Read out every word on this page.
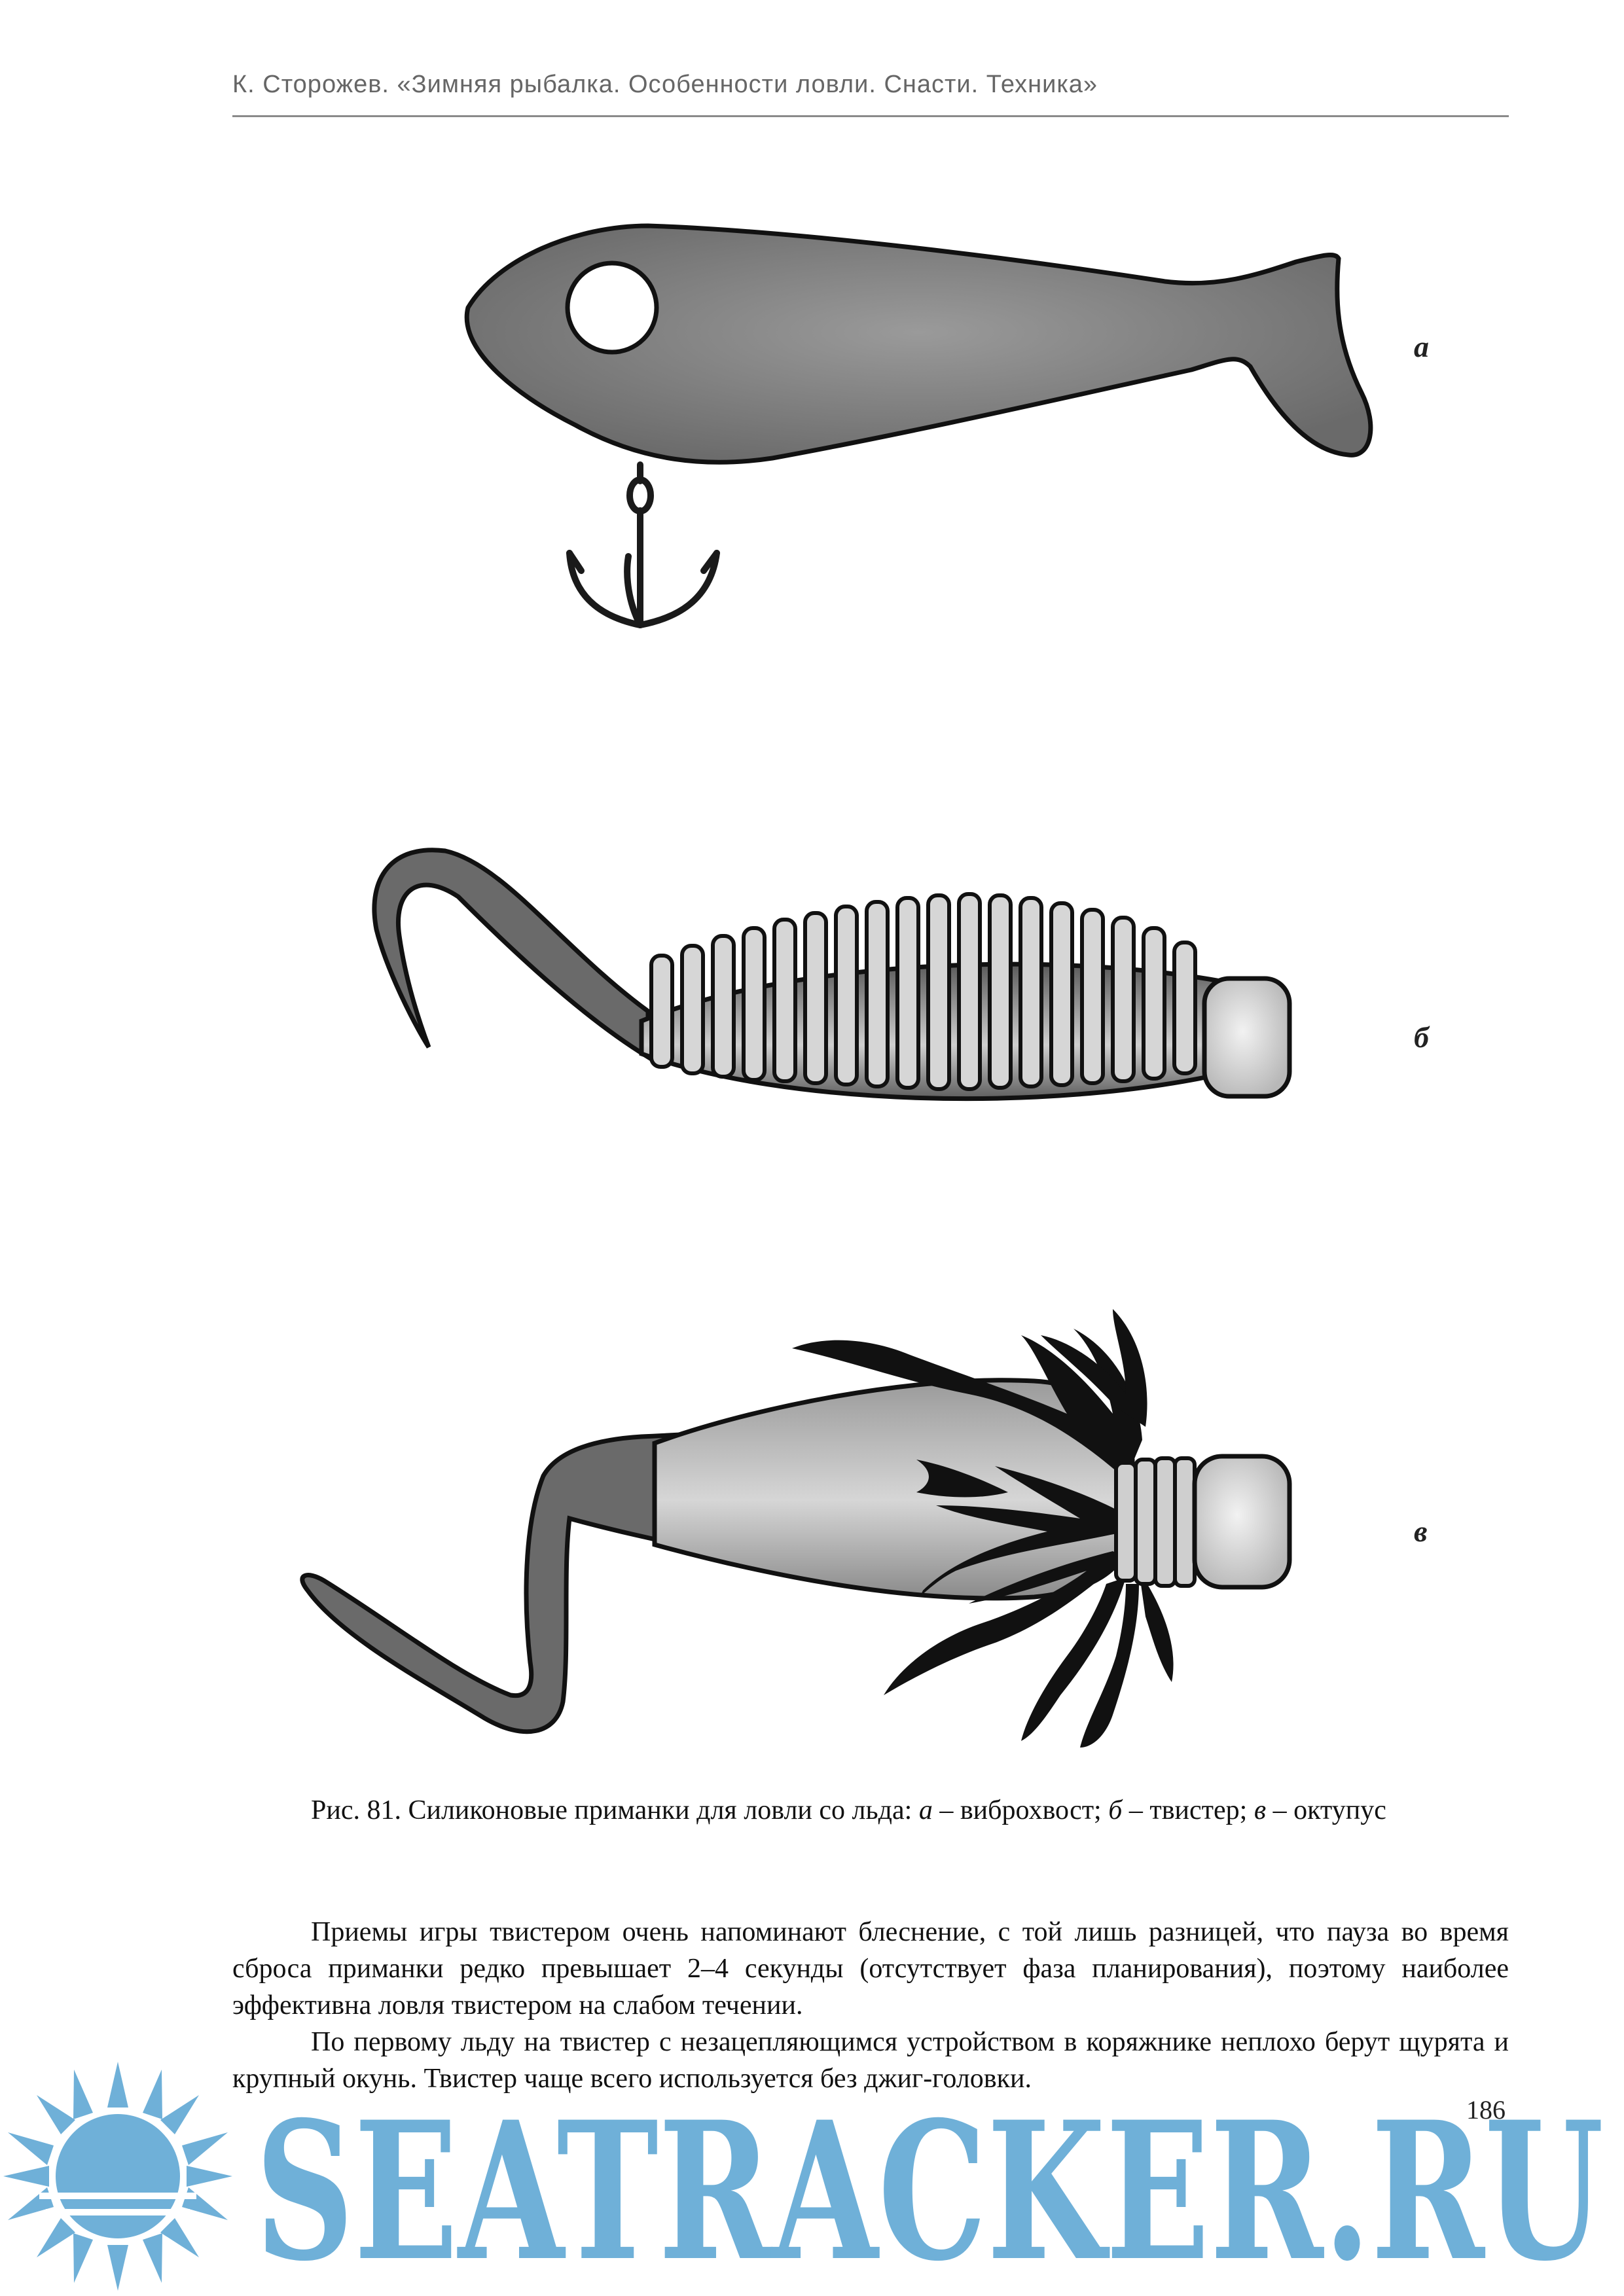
К. Сторожев. «Зимняя рыбалка. Особенности ловли. Снасти. Техника»
а
б
в
Рис. 81. Силиконовые приманки для ловли со льда: а – виброхвост; б – твистер; в – октупус

Приемы игры твистером очень напоминают блеснение, с той лишь разницей, что пауза во время сброса приманки редко превышает 2–4 секунды (отсутствует фаза планирования), поэтому наиболее эффективна ловля твистером на слабом течении.

По первому льду на твистер с незацепляющимся устройством в коряжнике неплохо берут щурята и крупный окунь. Твистер чаще всего используется без джиг-головки.

186
SEATRACKER.RU
